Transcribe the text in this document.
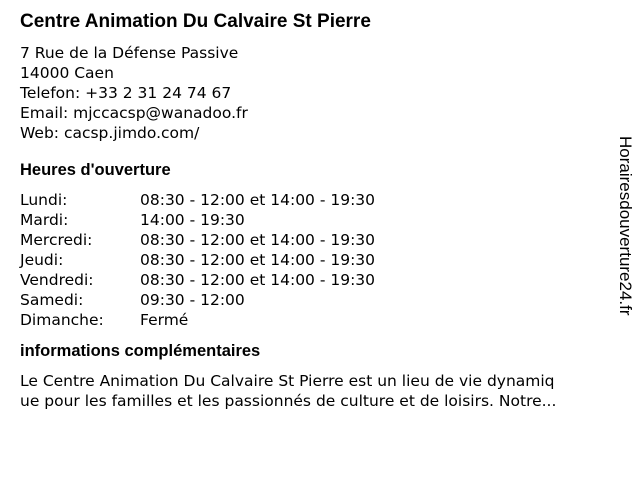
Centre Animation Du Calvaire St Pierre
7 Rue de la Défense Passive
14000 Caen
Telefon: +33 2 31 24 74 67
Email: mjccacsp@wanadoo.fr
Web: cacsp.jimdo.com/
Heures d'ouverture
Lundi:	08:30 - 12:00 et 14:00 - 19:30
Mardi:	14:00 - 19:30
Mercredi:	08:30 - 12:00 et 14:00 - 19:30
Jeudi:	08:30 - 12:00 et 14:00 - 19:30
Vendredi:	08:30 - 12:00 et 14:00 - 19:30
Samedi:	09:30 - 12:00
Dimanche:	Fermé
informations complémentaires

Le Centre Animation Du Calvaire St Pierre est un lieu de vie dynamiq
ue pour les familles et les passionnés de culture et de loisirs. Notre...

Horairesdouverture24.fr
